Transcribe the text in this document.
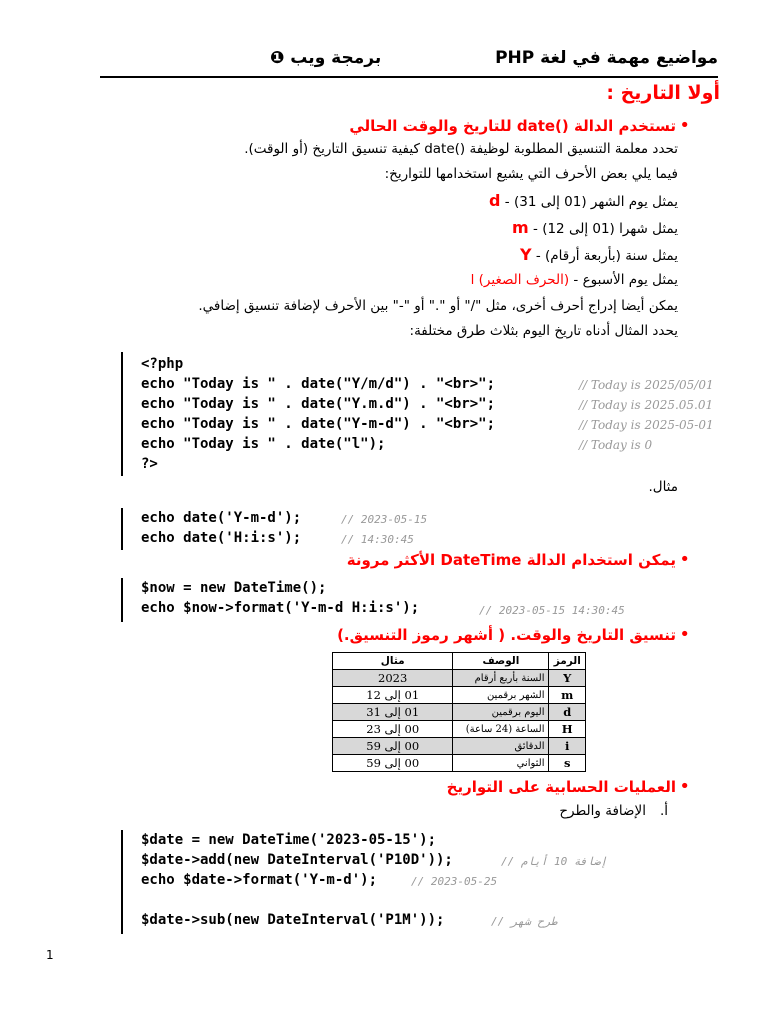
مواضيع مهمة في لغة PHP
برمجة ويب ❶
أولا التاريخ :
•
تستخدم الدالة ()date للتاريخ والوقت الحالي
تحدد معلمة التنسيق المطلوبة لوظيفة ()date كيفية تنسيق التاريخ (أو الوقت).
فيما يلي بعض الأحرف التي يشيع استخدامها للتواريخ:
d - يمثل يوم الشهر (01 إلى 31)
m - يمثل شهرا (01 إلى 12)
Y - يمثل سنة (بأربعة أرقام)
l (الحرف الصغير) - يمثل يوم الأسبوع
يمكن أيضا إدراج أحرف أخرى، مثل "/" أو "." أو "-" بين الأحرف لإضافة تنسيق إضافي.
يحدد المثال أدناه تاريخ اليوم بثلاث طرق مختلفة:
<?php
echo "Today is " . date("Y/m/d") . "<br>";
echo "Today is " . date("Y.m.d") . "<br>";
echo "Today is " . date("Y-m-d") . "<br>";
echo "Today is " . date("l");
?>
// Today is 2025/05/01
// Today is 2025.05.01
// Today is 2025-05-01
// Today is 0
مثال.
echo date('Y-m-d');
echo date('H:i:s');
// 2023-05-15
// 14:30:45
•
يمكن استخدام الدالة DateTime الأكثر مرونة
$now = new DateTime();
echo $now->format('Y-m-d H:i:s');	// 2023-05-15 14:30:45
•
تنسيق التاريخ والوقت. ( أشهر رموز التنسيق.)
الرمز	الوصف	مثال
Y	السنة بأربع أرقام	2023
m	الشهر برقمين	01 إلى 12
d	اليوم برقمين	01 إلى 31
H	الساعة (24 ساعة)	00 إلى 23
i	الدقائق	00 إلى 59
s	الثواني	00 إلى 59
•
العمليات الحسابية على التواريخ
أ.الإضافة والطرح
$date = new DateTime('2023-05-15');
$date->add(new DateInterval('P10D'));
echo $date->format('Y-m-d');
$date->sub(new DateInterval('P1M'));
// إضافة 10 أيام
// 2023-05-25
// طرح شهر
1
